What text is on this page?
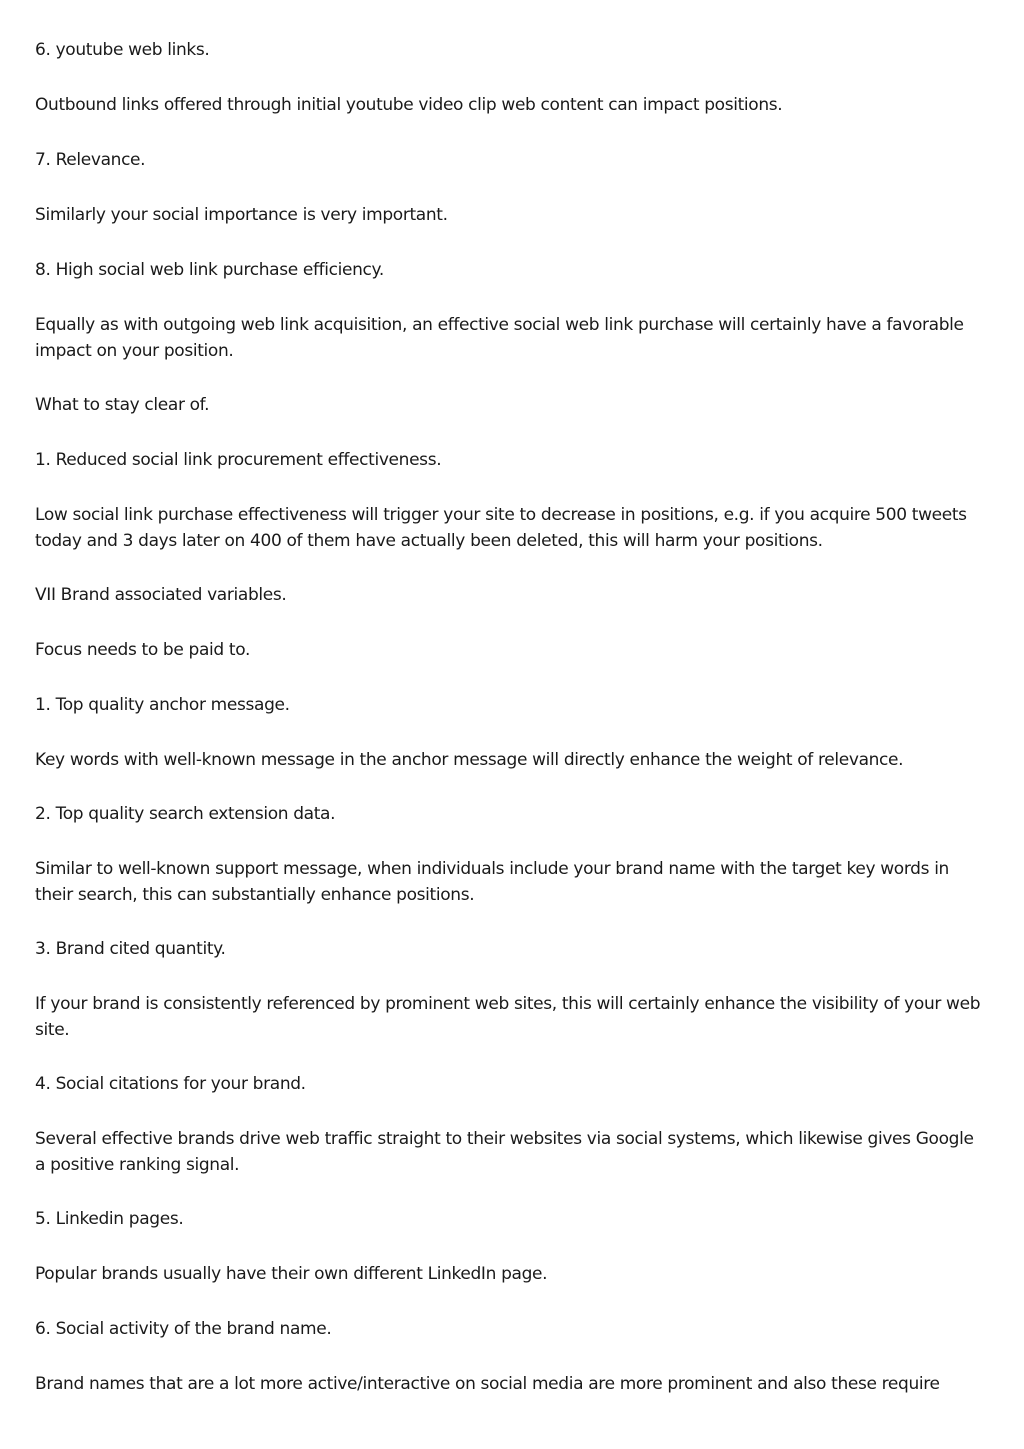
6. youtube web links.

Outbound links offered through initial youtube video clip web content can impact positions.

7. Relevance.

Similarly your social importance is very important.

8. High social web link purchase efficiency.

Equally as with outgoing web link acquisition, an effective social web link purchase will certainly have a favorable impact on your position.

What to stay clear of.

1. Reduced social link procurement effectiveness.

Low social link purchase effectiveness will trigger your site to decrease in positions, e.g. if you acquire 500 tweets today and 3 days later on 400 of them have actually been deleted, this will harm your positions.

VII Brand associated variables.

Focus needs to be paid to.

1. Top quality anchor message.

Key words with well-known message in the anchor message will directly enhance the weight of relevance.

2. Top quality search extension data.

Similar to well-known support message, when individuals include your brand name with the target key words in their search, this can substantially enhance positions.

3. Brand cited quantity.

If your brand is consistently referenced by prominent web sites, this will certainly enhance the visibility of your web site.

4. Social citations for your brand.

Several effective brands drive web traffic straight to their websites via social systems, which likewise gives Google a positive ranking signal.

5. Linkedin pages.

Popular brands usually have their own different LinkedIn page.

6. Social activity of the brand name.

Brand names that are a lot more active/interactive on social media are more prominent and also these require
